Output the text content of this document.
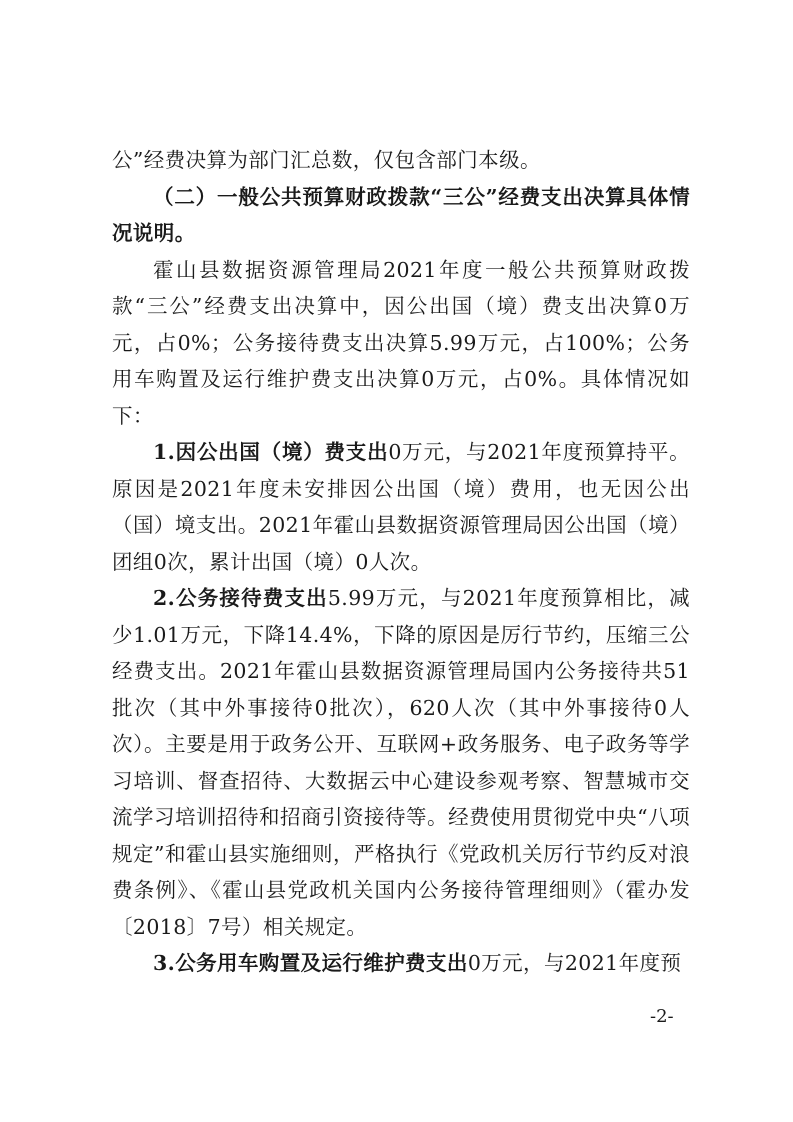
公”经费决算为部门汇总数，仅包含部门本级。

（二）一般公共预算财政拨款“三公”经费支出决算具体情况说明。

霍山县数据资源管理局2021年度一般公共预算财政拨款“三公”经费支出决算中，因公出国（境）费支出决算0万元，占0%；公务接待费支出决算5.99万元，占100%；公务用车购置及运行维护费支出决算0万元，占0%。具体情况如下：

1.因公出国（境）费支出0万元，与2021年度预算持平。原因是2021年度未安排因公出国（境）费用，也无因公出（国）境支出。2021年霍山县数据资源管理局因公出国（境）团组0次，累计出国（境）0人次。

2.公务接待费支出5.99万元，与2021年度预算相比，减少1.01万元，下降14.4%，下降的原因是厉行节约，压缩三公经费支出。2021年霍山县数据资源管理局国内公务接待共51批次（其中外事接待0批次），620人次（其中外事接待0人次）。主要是用于政务公开、互联网+政务服务、电子政务等学习培训、督查招待、大数据云中心建设参观考察、智慧城市交流学习培训招待和招商引资接待等。经费使用贯彻党中央“八项规定”和霍山县实施细则，严格执行《党政机关厉行节约反对浪费条例》、《霍山县党政机关国内公务接待管理细则》（霍办发〔2018〕7号）相关规定。

3.公务用车购置及运行维护费支出0万元，与2021年度预

-2-
